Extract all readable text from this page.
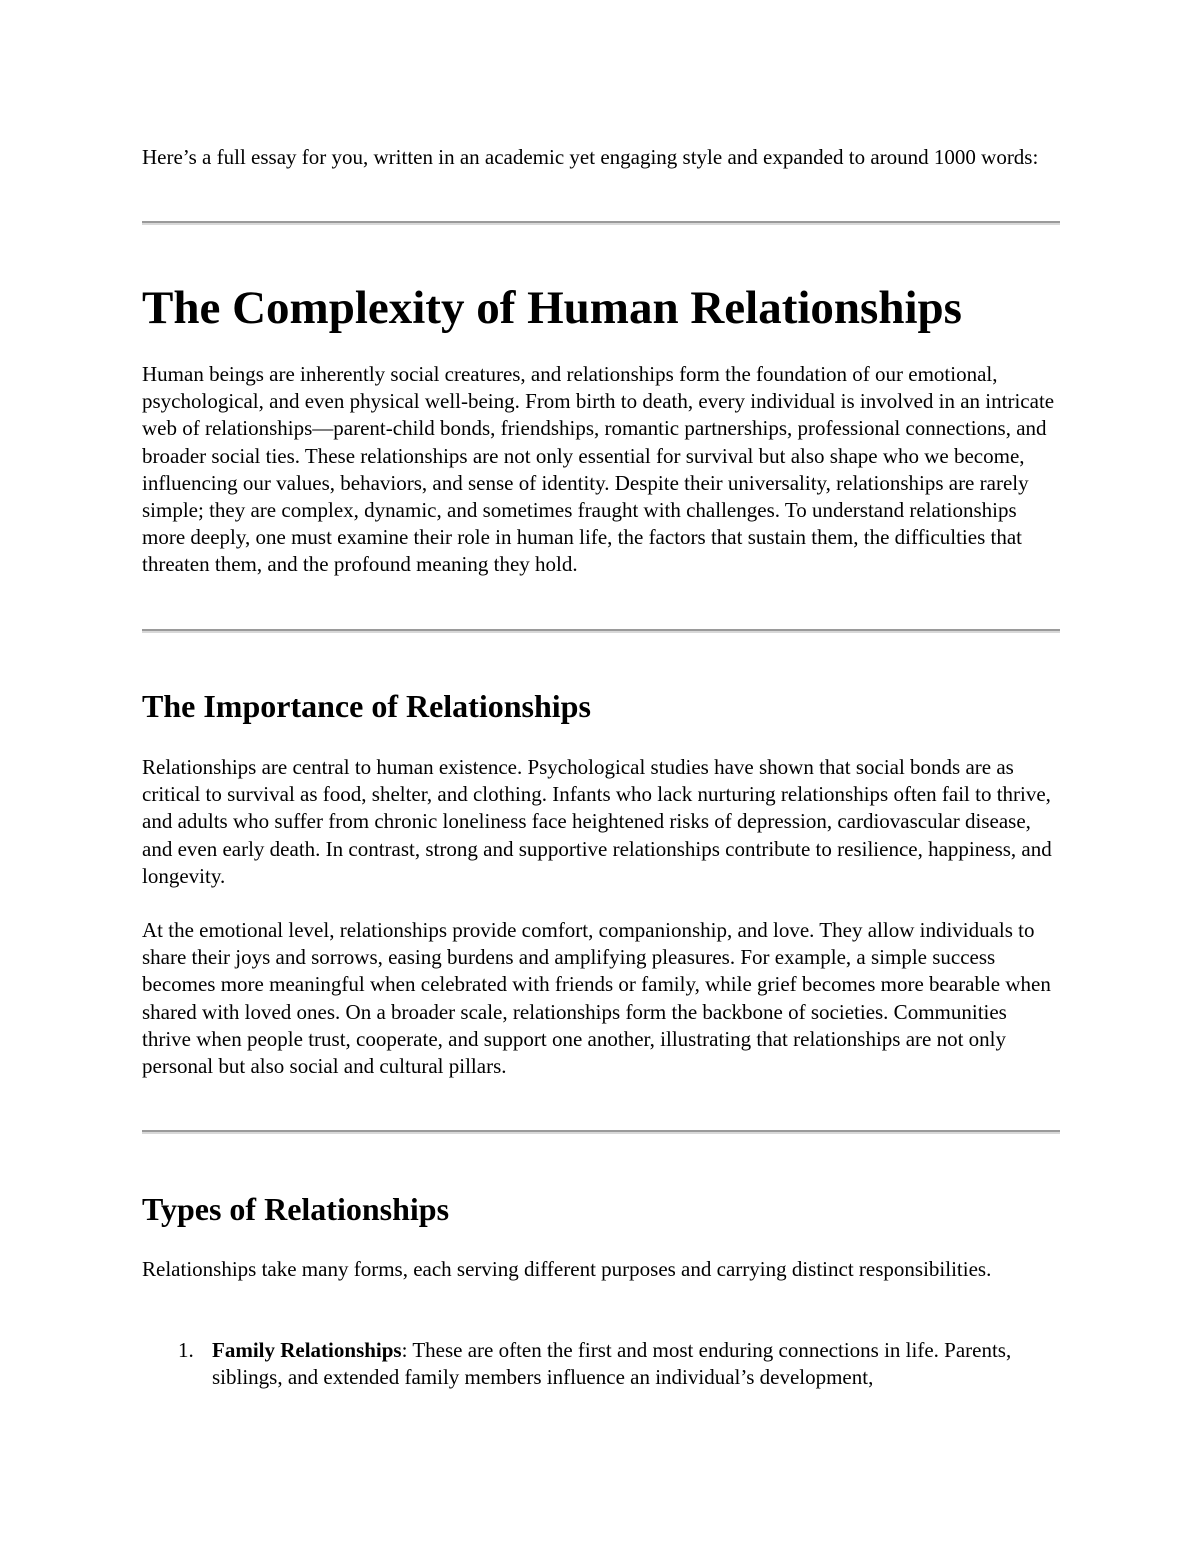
Here’s a full essay for you, written in an academic yet engaging style and expanded to around 1000 words:

The Complexity of Human Relationships

Human beings are inherently social creatures, and relationships form the foundation of our emotional, psychological, and even physical well-being. From birth to death, every individual is involved in an intricate web of relationships—parent-child bonds, friendships, romantic partnerships, professional connections, and broader social ties. These relationships are not only essential for survival but also shape who we become, influencing our values, behaviors, and sense of identity. Despite their universality, relationships are rarely simple; they are complex, dynamic, and sometimes fraught with challenges. To understand relationships more deeply, one must examine their role in human life, the factors that sustain them, the difficulties that threaten them, and the profound meaning they hold.

The Importance of Relationships

Relationships are central to human existence. Psychological studies have shown that social bonds are as critical to survival as food, shelter, and clothing. Infants who lack nurturing relationships often fail to thrive, and adults who suffer from chronic loneliness face heightened risks of depression, cardiovascular disease, and even early death. In contrast, strong and supportive relationships contribute to resilience, happiness, and longevity.

At the emotional level, relationships provide comfort, companionship, and love. They allow individuals to share their joys and sorrows, easing burdens and amplifying pleasures. For example, a simple success becomes more meaningful when celebrated with friends or family, while grief becomes more bearable when shared with loved ones. On a broader scale, relationships form the backbone of societies. Communities thrive when people trust, cooperate, and support one another, illustrating that relationships are not only personal but also social and cultural pillars.

Types of Relationships

Relationships take many forms, each serving different purposes and carrying distinct responsibilities.

1. Family Relationships: These are often the first and most enduring connections in life. Parents, siblings, and extended family members influence an individual’s development,
